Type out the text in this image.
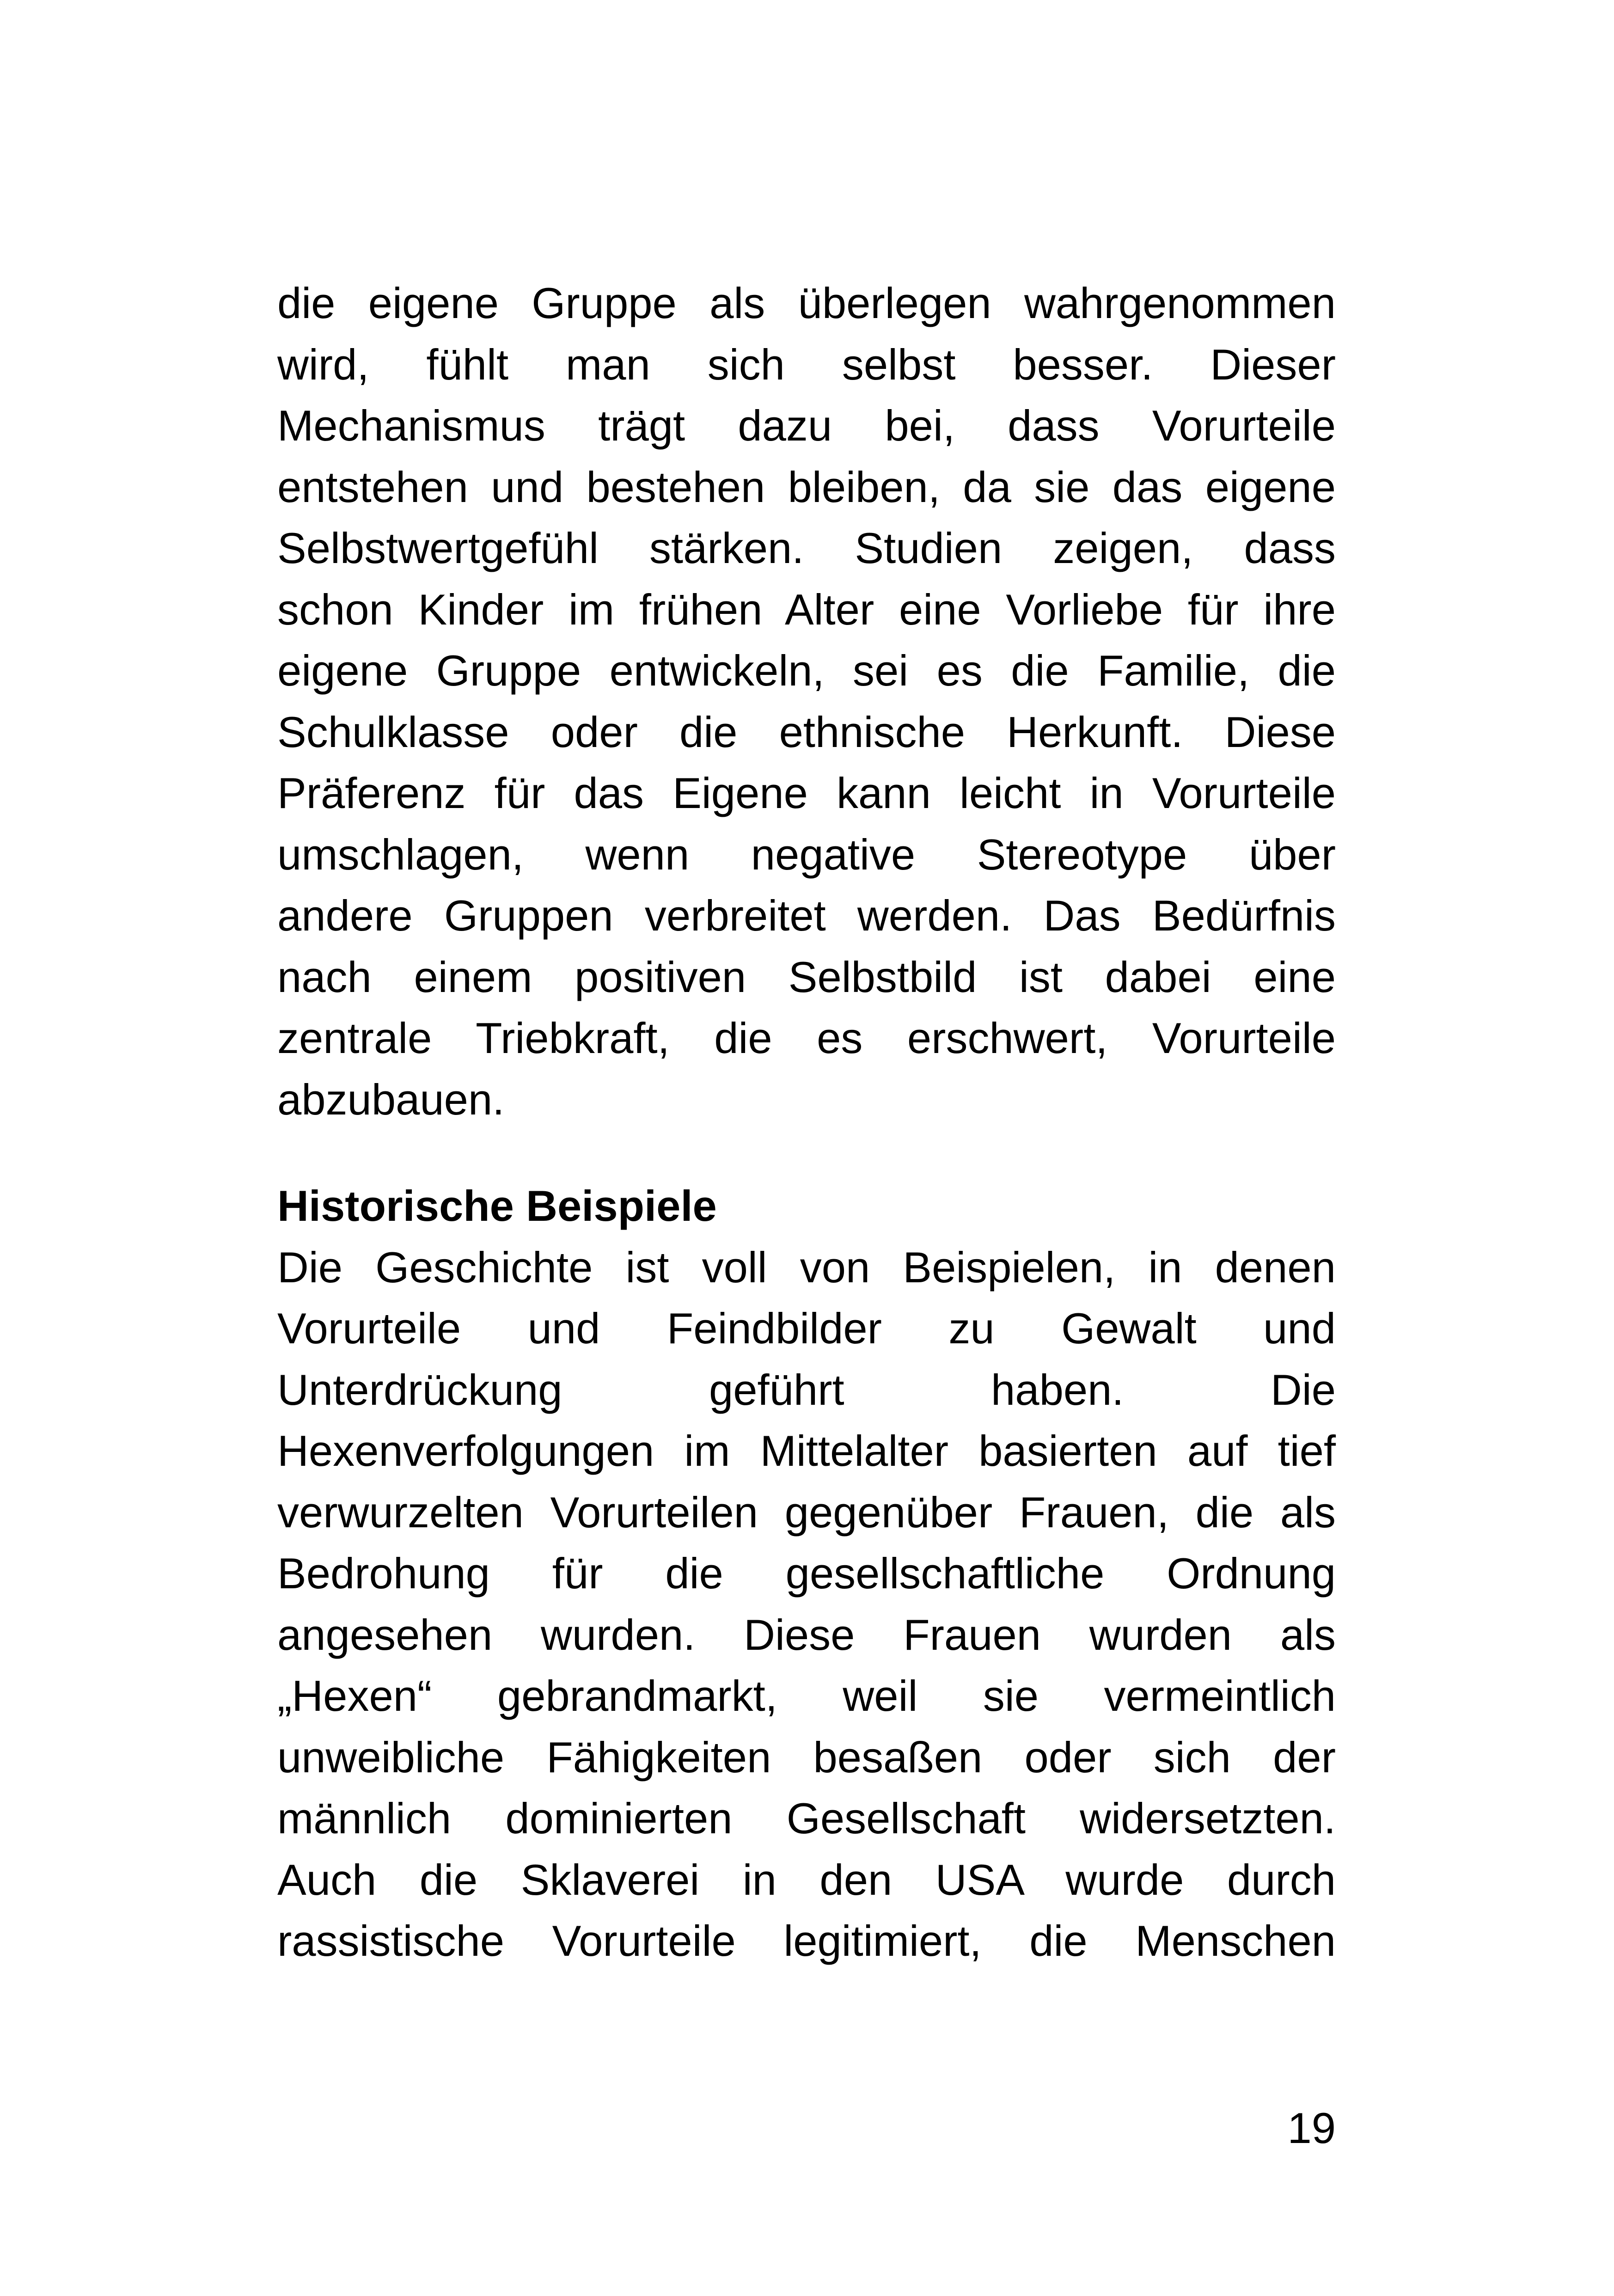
die eigene Gruppe als überlegen wahrgenommen
wird, fühlt man sich selbst besser. Dieser
Mechanismus trägt dazu bei, dass Vorurteile
entstehen und bestehen bleiben, da sie das eigene
Selbstwertgefühl stärken. Studien zeigen, dass
schon Kinder im frühen Alter eine Vorliebe für ihre
eigene Gruppe entwickeln, sei es die Familie, die
Schulklasse oder die ethnische Herkunft. Diese
Präferenz für das Eigene kann leicht in Vorurteile
umschlagen, wenn negative Stereotype über
andere Gruppen verbreitet werden. Das Bedürfnis
nach einem positiven Selbstbild ist dabei eine
zentrale Triebkraft, die es erschwert, Vorurteile
abzubauen.

Historische Beispiele

Die Geschichte ist voll von Beispielen, in denen
Vorurteile und Feindbilder zu Gewalt und
Unterdrückung geführt haben. Die
Hexenverfolgungen im Mittelalter basierten auf tief
verwurzelten Vorurteilen gegenüber Frauen, die als
Bedrohung für die gesellschaftliche Ordnung
angesehen wurden. Diese Frauen wurden als
„Hexen“ gebrandmarkt, weil sie vermeintlich
unweibliche Fähigkeiten besaßen oder sich der
männlich dominierten Gesellschaft widersetzten.
Auch die Sklaverei in den USA wurde durch
rassistische Vorurteile legitimiert, die Menschen

19
